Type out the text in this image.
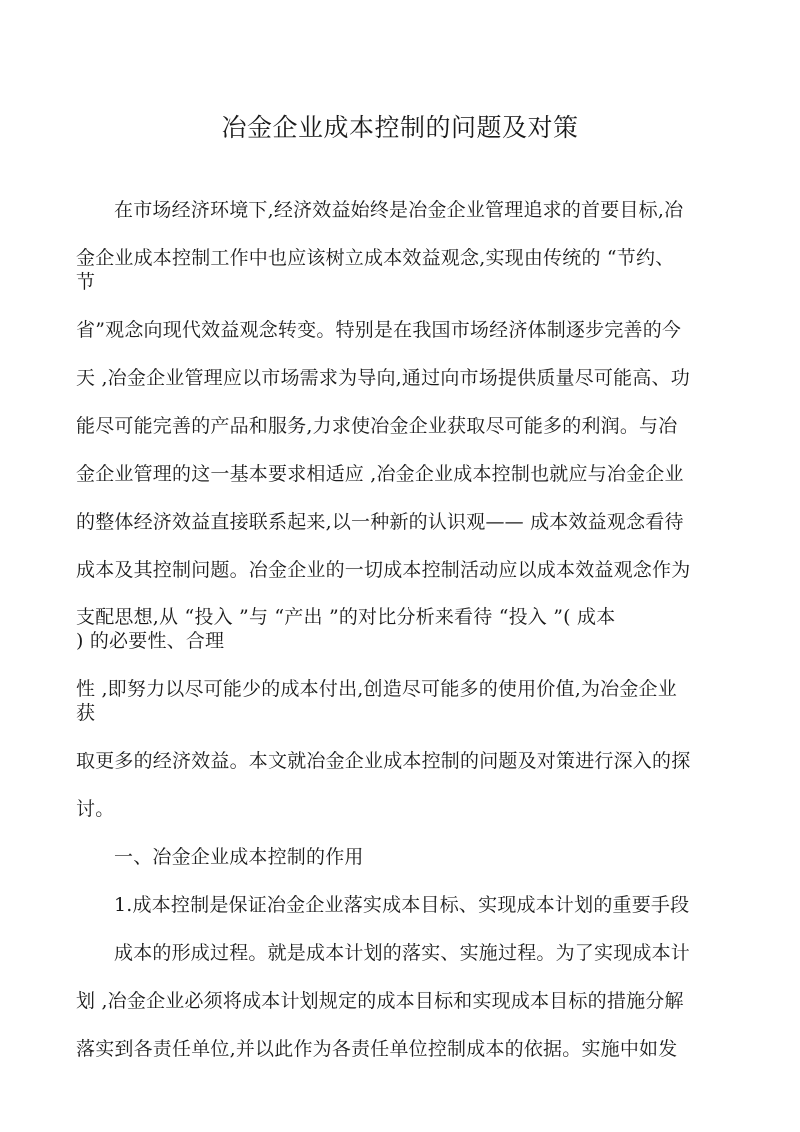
冶金企业成本控制的问题及对策
在市场经济环境下,经济效益始终是冶金企业管理追求的首要目标,冶
金企业成本控制工作中也应该树立成本效益观念,实现由传统的 “节约、
节
省”观念向现代效益观念转变。特别是在我国市场经济体制逐步完善的今
天 ,冶金企业管理应以市场需求为导向,通过向市场提供质量尽可能高、功
能尽可能完善的产品和服务,力求使冶金企业获取尽可能多的利润。与冶
金企业管理的这一基本要求相适应 ,冶金企业成本控制也就应与冶金企业
的整体经济效益直接联系起来,以一种新的认识观—— 成本效益观念看待
成本及其控制问题。冶金企业的一切成本控制活动应以成本效益观念作为
支配思想,从 “投入 ”与 “产出 ”的对比分析来看待 “投入 ”( 成本
) 的必要性、合理
性 ,即努力以尽可能少的成本付出,创造尽可能多的使用价值,为冶金企业
获
取更多的经济效益。本文就冶金企业成本控制的问题及对策进行深入的探
讨。
一、冶金企业成本控制的作用
1.成本控制是保证冶金企业落实成本目标、实现成本计划的重要手段
成本的形成过程。就是成本计划的落实、实施过程。为了实现成本计
划 ,冶金企业必须将成本计划规定的成本目标和实现成本目标的措施分解
落实到各责任单位,并以此作为各责任单位控制成本的依据。实施中如发
